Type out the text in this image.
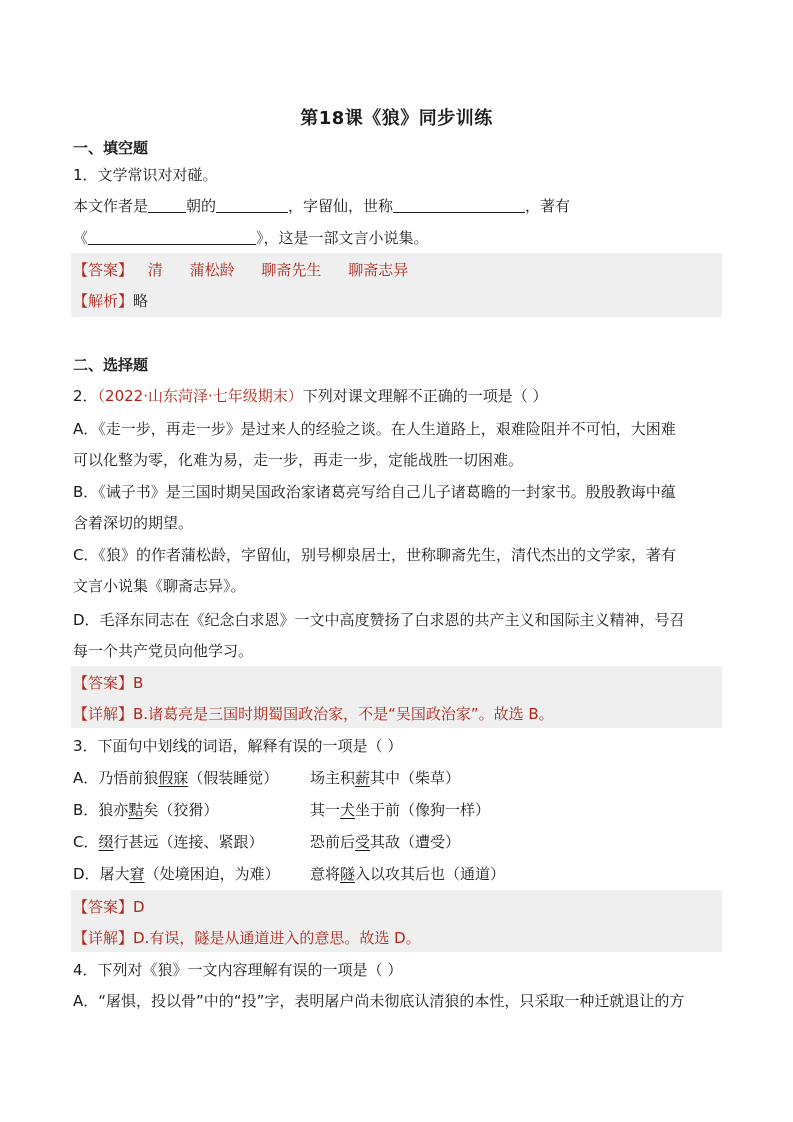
第18课《狼》同步训练
一、填空题
1．文学常识对对碰。
本文作者是	朝的	，字留仙，世称	，著有
《	》，这是一部文言小说集。
【答案】 清 蒲松龄 聊斋先生 聊斋志异
【解析】略
二、选择题
2．（2022·山东菏泽·七年级期末）下列对课文理解不正确的一项是（ ）
A．《走一步，再走一步》是过来人的经验之谈。在人生道路上，艰难险阻并不可怕，大困难
可以化整为零，化难为易，走一步，再走一步，定能战胜一切困难。
B．《诫子书》是三国时期吴国政治家诸葛亮写给自己儿子诸葛瞻的一封家书。殷殷教诲中蕴
含着深切的期望。
C．《狼》的作者蒲松龄，字留仙，别号柳泉居士，世称聊斋先生，清代杰出的文学家，著有
文言小说集《聊斋志异》。
D．毛泽东同志在《纪念白求恩》一文中高度赞扬了白求恩的共产主义和国际主义精神，号召
每一个共产党员向他学习。
【答案】B
【详解】B.诸葛亮是三国时期蜀国政治家，不是“吴国政治家”。故选 B。
3．下面句中划线的词语，解释有误的一项是（ ）
A．乃悟前狼假寐（假装睡觉） 场主积薪其中（柴草）
B．狼亦黠矣（狡猾）	其一犬坐于前（像狗一样）
C．缀行甚远（连接、紧跟）	恐前后受其敌（遭受）
D．屠大窘（处境困迫，为难） 意将隧入以攻其后也（通道）
【答案】D
【详解】D.有误，隧是从通道进入的意思。故选 D。
4．下列对《狼》一文内容理解有误的一项是（ ）
A．“屠惧，投以骨”中的“投”字，表明屠户尚未彻底认清狼的本性，只采取一种迁就退让的方
